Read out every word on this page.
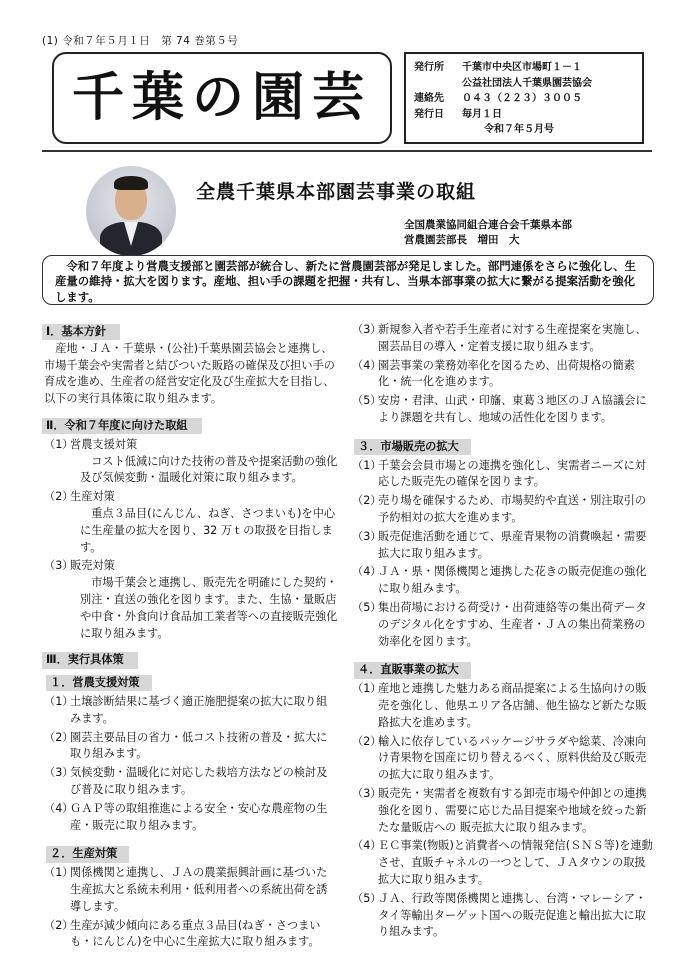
(1) 令和７年５月１日　第 74 巻第５号
千葉の園芸	発行所	千葉市中央区市場町１－１
公益社団法人千葉県園芸協会
連絡先	０４３（２２３）３００５
発行日	毎月１日
令和７年５月号
全農千葉県本部園芸事業の取組
全国農業協同組合連合会千葉県本部
営農園芸部長　増田　大
令和７年度より営農支援部と園芸部が統合し、新たに営農園芸部が発足しました。部門連係をさらに強化し、生産量の維持・拡大を図ります。産地、担い手の課題を把握・共有し、当県本部事業の拡大に繋がる提案活動を強化します。
Ⅰ．基本方針
産地・ＪＡ・千葉県・(公社)千葉県園芸協会と連携し、市場千葉会や実需者と結びついた販路の確保及び担い手の育成を進め、生産者の経営安定化及び生産拡大を目指し、以下の実行具体策に取り組みます。
Ⅱ．令和７年度に向けた取組
（1）
営農支援対策
コスト低減に向けた技術の普及や提案活動の強化及び気候変動・温暖化対策に取り組みます。
（2）
生産対策
重点３品目(にんじん、ねぎ、さつまいも)を中心に生産量の拡大を図り、32 万ｔの取扱を目指します。
（3）
販売対策
市場千葉会と連携し、販売先を明確にした契約・別注・直送の強化を図ります。また、生協・量販店や中食・外食向け食品加工業者等への直接販売強化に取り組みます。
Ⅲ．実行具体策
１．営農支援対策
（1）
土壌診断結果に基づく適正施肥提案の拡大に取り組みます。
（2）
園芸主要品目の省力・低コスト技術の普及・拡大に取り組みます。
（3）
気候変動・温暖化に対応した栽培方法などの検討及び普及に取り組みます。
（4）
ＧＡＰ等の取組推進による安全・安心な農産物の生産・販売に取り組みます。
２．生産対策
（1）
関係機関と連携し、ＪＡの農業振興計画に基づいた生産拡大と系統未利用・低利用者への系統出荷を誘導します。
（2）
生産が減少傾向にある重点３品目(ねぎ・さつまいも・にんじん)を中心に生産拡大に取り組みます。
（3）
新規参入者や若手生産者に対する生産提案を実施し、園芸品目の導入・定着支援に取り組みます。
（4）
園芸事業の業務効率化を図るため、出荷規格の簡素化・統一化を進めます。
（5）
安房・君津、山武・印旛、東葛３地区のＪＡ協議会により課題を共有し、地域の活性化を図ります。
３．市場販売の拡大
（1）
千葉会会員市場との連携を強化し、実需者ニーズに対応した販売先の確保を図ります。
（2）
売り場を確保するため、市場契約や直送・別注取引の予約相対の拡大を進めます。
（3）
販売促進活動を通じて、県産青果物の消費喚起・需要拡大に取り組みます。
（4）
ＪＡ・県・関係機関と連携した花きの販売促進の強化に取り組みます。
（5）
集出荷場における荷受け・出荷連絡等の集出荷データのデジタル化をすすめ、生産者・ＪＡの集出荷業務の効率化を図ります。
４．直販事業の拡大
（1）
産地と連携した魅力ある商品提案による生協向けの販売を強化し、他県エリア各店舗、他生協など新たな販路拡大を進めます。
（2）
輸入に依存しているパッケージサラダや総菜、冷凍向け青果物を国産に切り替えるべく、原料供給及び販売の拡大に取り組みます。
（3）
販売先・実需者を複数有する卸売市場や仲卸との連携強化を図り、需要に応じた品目提案や地域を絞った新たな量販店への 販売拡大に取り組みます。
（4）
ＥＣ事業(物販)と消費者への情報発信(ＳＮＳ等)を連動させ、直販チャネルの一つとして、ＪＡタウンの取扱拡大に取り組みます。
（5）
ＪＡ、行政等関係機関と連携し、台湾・マレーシア・タイ等輸出ターゲット国への販売促進と輸出拡大に取り組みます。
